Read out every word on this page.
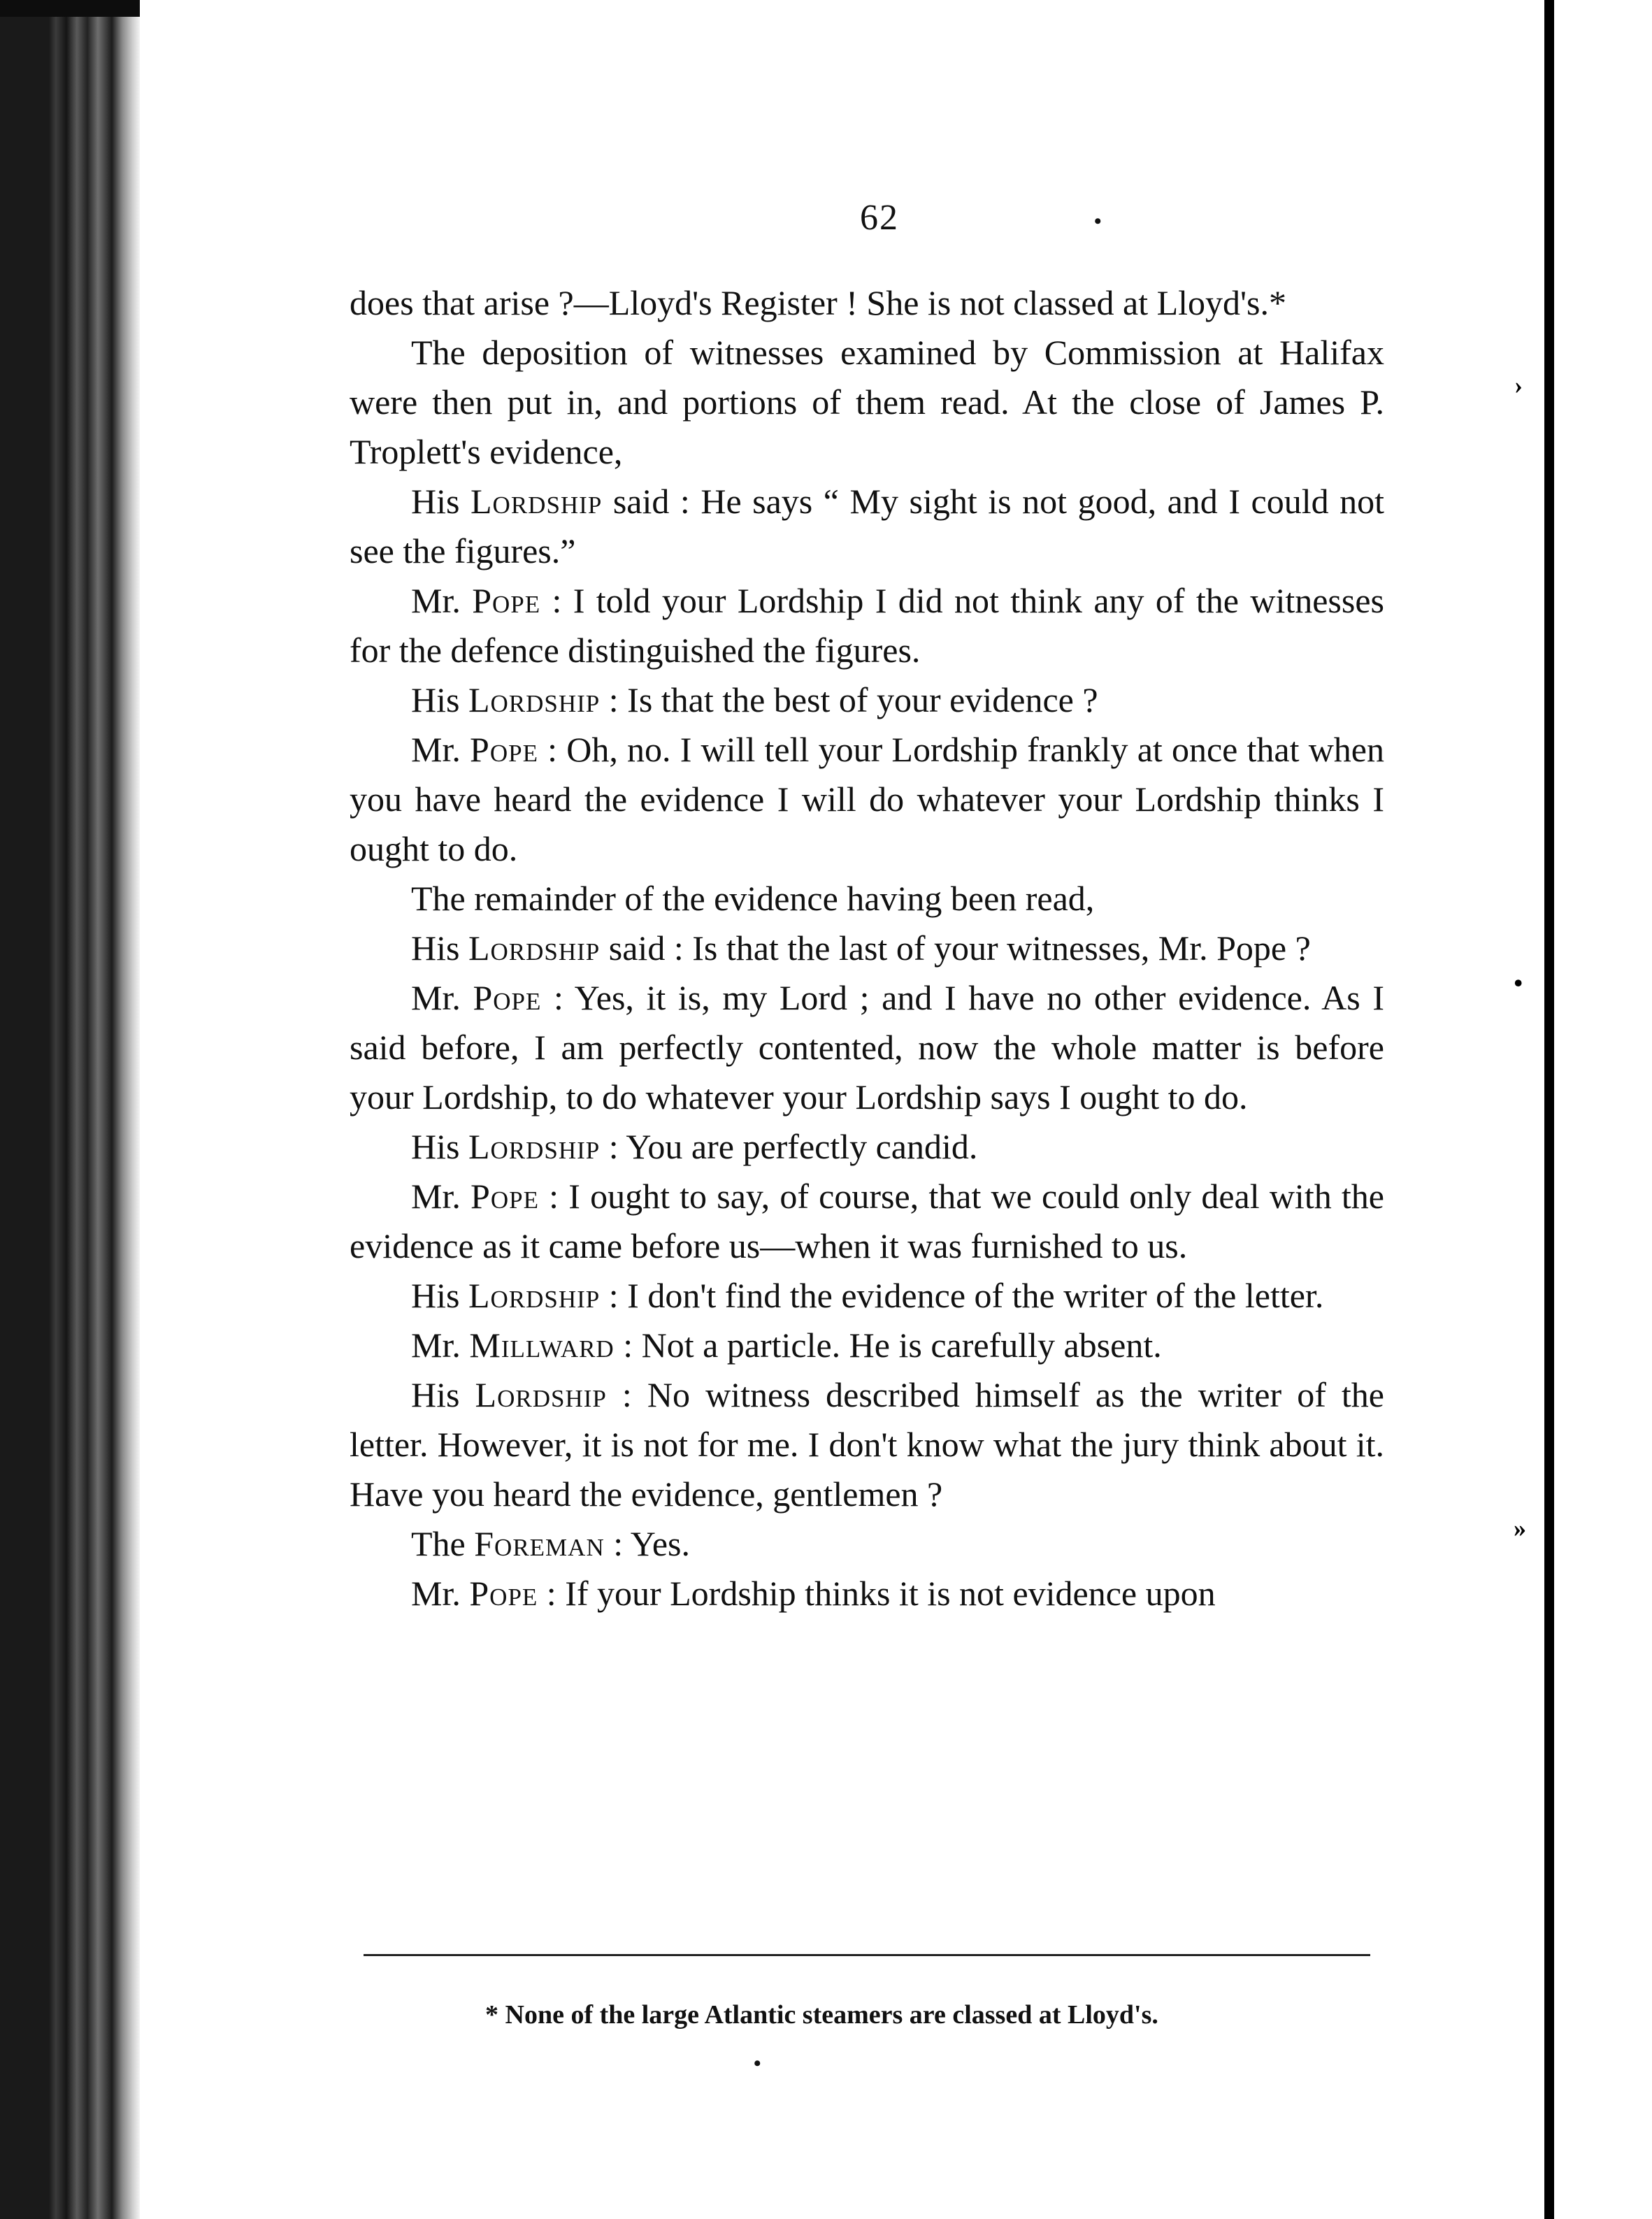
›
•
»
62	•

does that arise ?—Lloyd's Register ! She is not classed at Lloyd's.*

The deposition of witnesses examined by Commission at Halifax were then put in, and portions of them read. At the close of James P. Troplett's evidence,

His Lordship said : He says “ My sight is not good, and I could not see the figures.”

Mr. Pope : I told your Lordship I did not think any of the witnesses for the defence distinguished the figures.

His Lordship : Is that the best of your evidence ?

Mr. Pope : Oh, no. I will tell your Lordship frankly at once that when you have heard the evidence I will do whatever your Lordship thinks I ought to do.

The remainder of the evidence having been read,

His Lordship said : Is that the last of your witnesses, Mr. Pope ?

Mr. Pope : Yes, it is, my Lord ; and I have no other evidence. As I said before, I am perfectly contented, now the whole matter is before your Lordship, to do whatever your Lordship says I ought to do.

His Lordship : You are perfectly candid.

Mr. Pope : I ought to say, of course, that we could only deal with the evidence as it came before us—when it was furnished to us.

His Lordship : I don't find the evidence of the writer of the letter.

Mr. Millward : Not a particle. He is carefully absent.

His Lordship : No witness described himself as the writer of the letter. However, it is not for me. I don't know what the jury think about it. Have you heard the evidence, gentlemen ?

The Foreman : Yes.

Mr. Pope : If your Lordship thinks it is not evidence upon

* None of the large Atlantic steamers are classed at Lloyd's.
•
